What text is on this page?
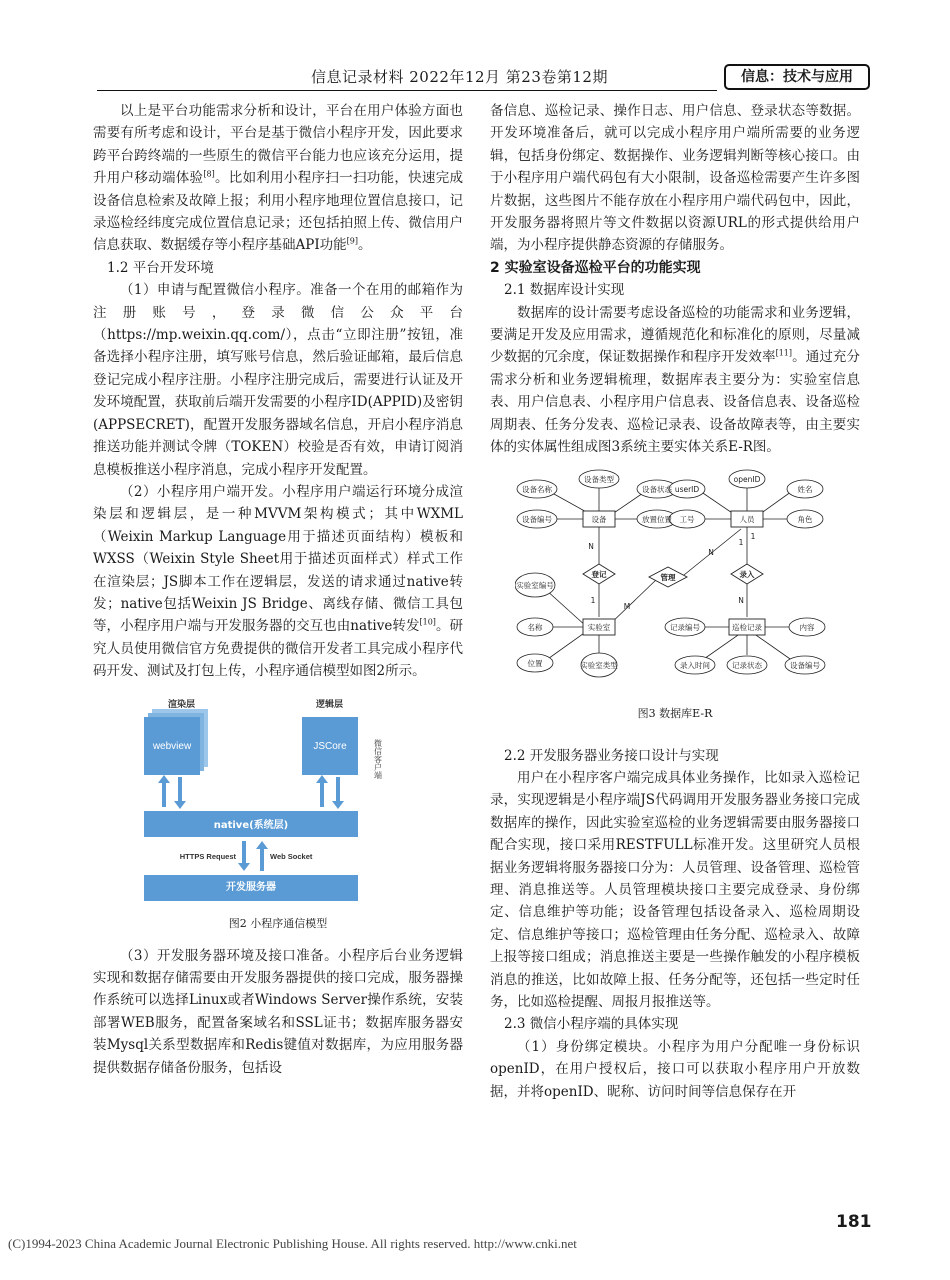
信息记录材料 2022年12月 第23卷第12期	信息：技术与应用

以上是平台功能需求分析和设计，平台在用户体验方面也需要有所考虑和设计，平台是基于微信小程序开发，因此要求跨平台跨终端的一些原生的微信平台能力也应该充分运用，提升用户移动端体验[8]。比如利用小程序扫一扫功能，快速完成设备信息检索及故障上报；利用小程序地理位置信息接口，记录巡检经纬度完成位置信息记录；还包括拍照上传、微信用户信息获取、数据缓存等小程序基础API功能[9]。

1.2 平台开发环境

（1）申请与配置微信小程序。准备一个在用的邮箱作为注册账号，登录微信公众平台（https://mp.weixin.qq.com/），点击“立即注册”按钮，准备选择小程序注册，填写账号信息，然后验证邮箱，最后信息登记完成小程序注册。小程序注册完成后，需要进行认证及开发环境配置，获取前后端开发需要的小程序ID(APPID)及密钥(APPSECRET)，配置开发服务器域名信息，开启小程序消息推送功能并测试令牌（TOKEN）校验是否有效，申请订阅消息模板推送小程序消息，完成小程序开发配置。

（2）小程序用户端开发。小程序用户端运行环境分成渲染层和逻辑层，是一种MVVM架构模式；其中WXML（Weixin Markup Language用于描述页面结构）模板和WXSS（Weixin Style Sheet用于描述页面样式）样式工作在渲染层；JS脚本工作在逻辑层，发送的请求通过native转发；native包括Weixin JS Bridge、离线存储、微信工具包等，小程序用户端与开发服务器的交互也由native转发[10]。研究人员使用微信官方免费提供的微信开发者工具完成小程序代码开发、测试及打包上传，小程序通信模型如图2所示。

webview
渲染层
JSCore
逻辑层
微信客户端
native(系统层)
HTTPS Request	Web Socket
开发服务器
图2 小程序通信模型

（3）开发服务器环境及接口准备。小程序后台业务逻辑实现和数据存储需要由开发服务器提供的接口完成，服务器操作系统可以选择Linux或者Windows Server操作系统，安装部署WEB服务，配置备案域名和SSL证书；数据库服务器安装Mysql关系型数据库和Redis键值对数据库，为应用服务器提供数据存储备份服务，包括设

备信息、巡检记录、操作日志、用户信息、登录状态等数据。开发环境准备后，就可以完成小程序用户端所需要的业务逻辑，包括身份绑定、数据操作、业务逻辑判断等核心接口。由于小程序用户端代码包有大小限制，设备巡检需要产生许多图片数据，这些图片不能存放在小程序用户端代码包中，因此，开发服务器将照片等文件数据以资源URL的形式提供给用户端，为小程序提供静态资源的存储服务。

2 实验室设备巡检平台的功能实现
2.1 数据库设计实现

数据库的设计需要考虑设备巡检的功能需求和业务逻辑，要满足开发及应用需求，遵循规范化和标准化的原则，尽量减少数据的冗余度，保证数据操作和程序开发效率[11]。通过充分需求分析和业务逻辑梳理，数据库表主要分为：实验室信息表、用户信息表、小程序用户信息表、设备信息表、设备巡检周期表、任务分发表、巡检记录表、设备故障表等，由主要实体的实体属性组成图3系统主要实体关系E-R图。

设备名称
设备类型
设备状态
设备编号	设备	放置位置
userID
openID
姓名
工号	人员	角色
登记	管理	录入
实验室编号
名称	实验室
位置	实验室类型
记录编号	巡检记录	内容
录入时间	记录状态	设备编号
N
1
M
1
N
N
1
图3 数据库E-R
2.2 开发服务器业务接口设计与实现

用户在小程序客户端完成具体业务操作，比如录入巡检记录，实现逻辑是小程序端JS代码调用开发服务器业务接口完成数据库的操作，因此实验室巡检的业务逻辑需要由服务器接口配合实现，接口采用RESTFULL标准开发。这里研究人员根据业务逻辑将服务器接口分为：人员管理、设备管理、巡检管理、消息推送等。人员管理模块接口主要完成登录、身份绑定、信息维护等功能；设备管理包括设备录入、巡检周期设定、信息维护等接口；巡检管理由任务分配、巡检录入、故障上报等接口组成；消息推送主要是一些操作触发的小程序模板消息的推送，比如故障上报、任务分配等，还包括一些定时任务，比如巡检提醒、周报月报推送等。

2.3 微信小程序端的具体实现

（1）身份绑定模块。小程序为用户分配唯一身份标识openID，在用户授权后，接口可以获取小程序用户开放数据，并将openID、昵称、访问时间等信息保存在开

181
(C)1994-2023 China Academic Journal Electronic Publishing House. All rights reserved. http://www.cnki.net
